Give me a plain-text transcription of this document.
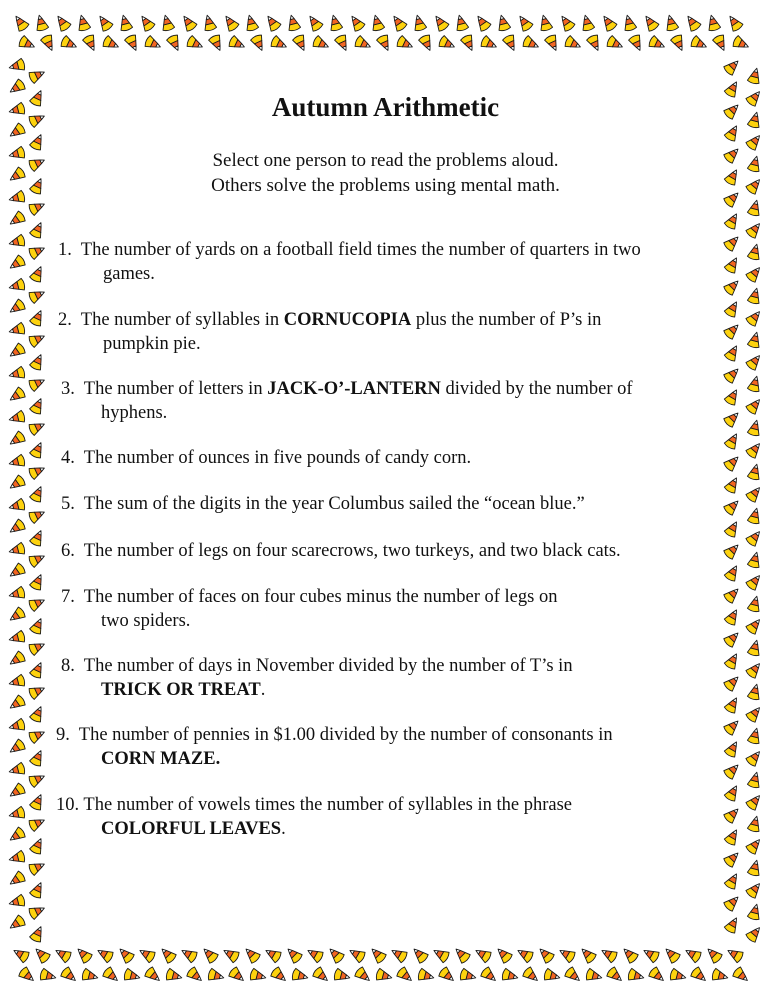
Autumn Arithmetic
Select one person to read the problems aloud.
Others solve the problems using mental math.
1. The number of yards on a football field times the number of quarters in two
games.
2. The number of syllables in CORNUCOPIA plus the number of P’s in
pumpkin pie.
3. The number of letters in JACK-O’-LANTERN divided by the number of
hyphens.
4. The number of ounces in five pounds of candy corn.
5. The sum of the digits in the year Columbus sailed the “ocean blue.”
6. The number of legs on four scarecrows, two turkeys, and two black cats.
7. The number of faces on four cubes minus the number of legs on
two spiders.
8. The number of days in November divided by the number of T’s in
TRICK OR TREAT.
9. The number of pennies in $1.00 divided by the number of consonants in
CORN MAZE.
10. The number of vowels times the number of syllables in the phrase
COLORFUL LEAVES.
